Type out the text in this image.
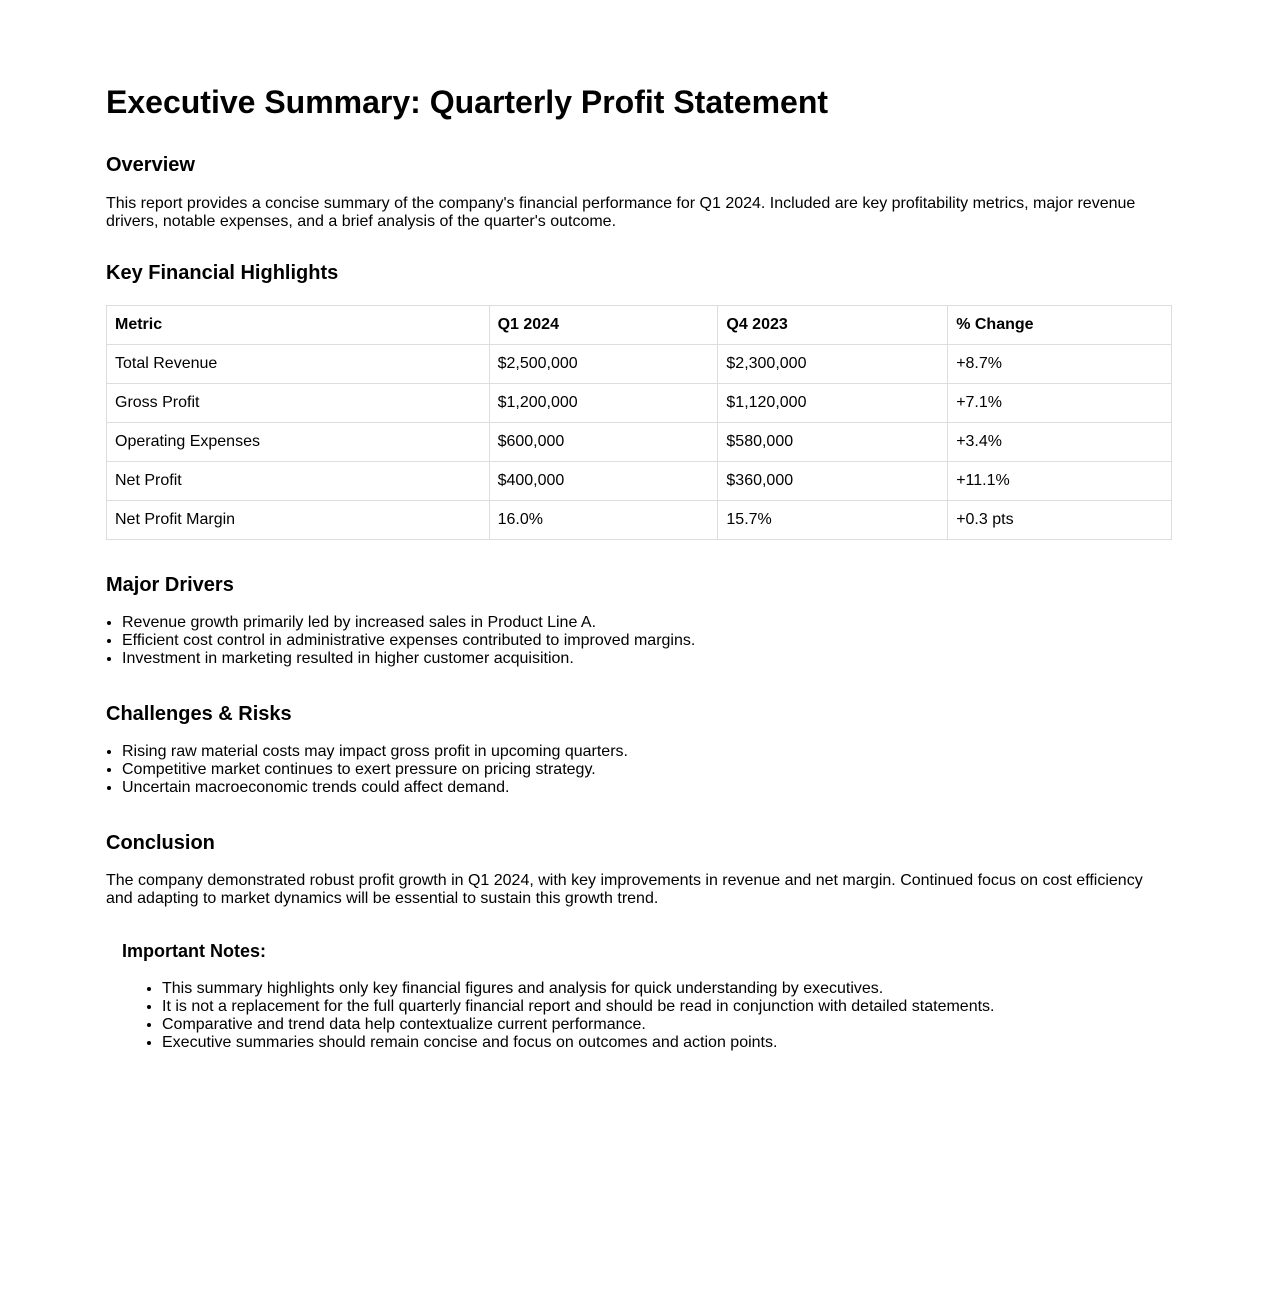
Executive Summary: Quarterly Profit Statement
Overview

This report provides a concise summary of the company's financial performance for Q1 2024. Included are key profitability metrics, major revenue drivers, notable expenses, and a brief analysis of the quarter's outcome.

Key Financial Highlights
Metric	Q1 2024	Q4 2023	% Change
Total Revenue	$2,500,000	$2,300,000	+8.7%
Gross Profit	$1,200,000	$1,120,000	+7.1%
Operating Expenses	$600,000	$580,000	+3.4%
Net Profit	$400,000	$360,000	+11.1%
Net Profit Margin	16.0%	15.7%	+0.3 pts
Major Drivers
• Revenue growth primarily led by increased sales in Product Line A.
• Efficient cost control in administrative expenses contributed to improved margins.
• Investment in marketing resulted in higher customer acquisition.
Challenges & Risks
• Rising raw material costs may impact gross profit in upcoming quarters.
• Competitive market continues to exert pressure on pricing strategy.
• Uncertain macroeconomic trends could affect demand.
Conclusion

The company demonstrated robust profit growth in Q1 2024, with key improvements in revenue and net margin. Continued focus on cost efficiency and adapting to market dynamics will be essential to sustain this growth trend.

Important Notes:
• This summary highlights only key financial figures and analysis for quick understanding by executives.
• It is not a replacement for the full quarterly financial report and should be read in conjunction with detailed statements.
• Comparative and trend data help contextualize current performance.
• Executive summaries should remain concise and focus on outcomes and action points.
